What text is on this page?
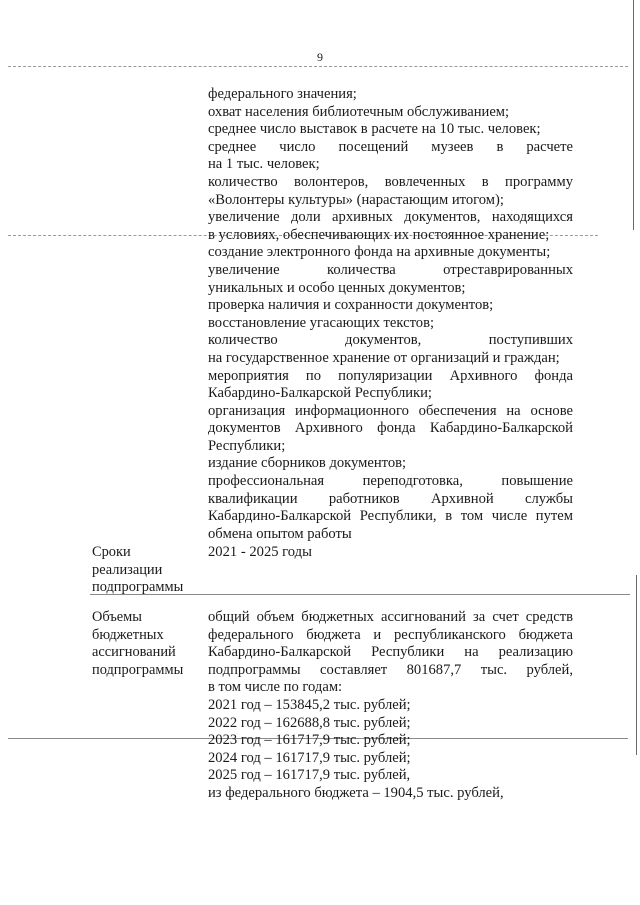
9
федерального значения;
охват населения библиотечным обслуживанием;
среднее число выставок в расчете на 10 тыс. человек;
среднее число посещений музеев в расчете
на 1 тыс. человек;
количество волонтеров, вовлеченных в программу
«Волонтеры культуры» (нарастающим итогом);
увеличение доли архивных документов, находящихся
в условиях, обеспечивающих их постоянное хранение;
создание электронного фонда на архивные документы;
увеличение количества отреставрированных
уникальных и особо ценных документов;
проверка наличия и сохранности документов;
восстановление угасающих текстов;
количество документов, поступивших
на государственное хранение от организаций и граждан;
мероприятия по популяризации Архивного фонда
Кабардино-Балкарской Республики;
организация информационного обеспечения на основе
документов Архивного фонда Кабардино-Балкарской
Республики;
издание сборников документов;
профессиональная переподготовка, повышение
квалификации работников Архивной службы
Кабардино-Балкарской Республики, в том числе путем
обмена опытом работы
Сроки
реализации
подпрограммы
2021 - 2025 годы
Объемы
бюджетных
ассигнований
подпрограммы
общий объем бюджетных ассигнований за счет средств
федерального бюджета и республиканского бюджета
Кабардино-Балкарской Республики на реализацию
подпрограммы составляет 801687,7 тыс. рублей,
в том числе по годам:
2021 год – 153845,2 тыс. рублей;
2022 год – 162688,8 тыс. рублей;
2023 год – 161717,9 тыс. рублей;
2024 год – 161717,9 тыс. рублей;
2025 год – 161717,9 тыс. рублей,
из федерального бюджета – 1904,5 тыс. рублей,
